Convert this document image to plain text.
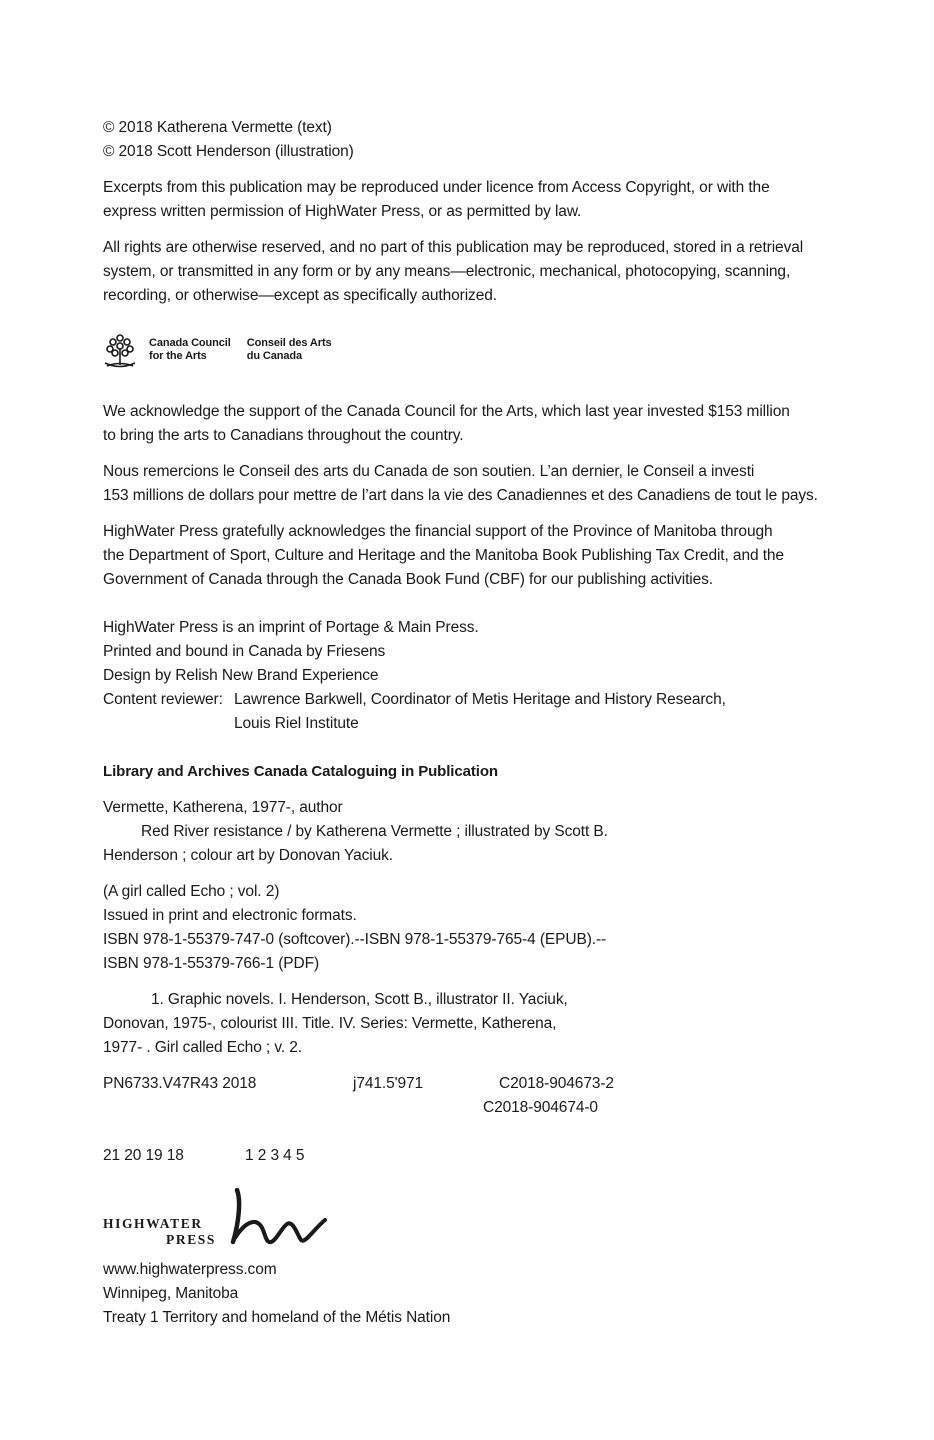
© 2018 Katherena Vermette (text)
© 2018 Scott Henderson (illustration)
Excerpts from this publication may be reproduced under licence from Access Copyright, or with the
express written permission of HighWater Press, or as permitted by law.
All rights are otherwise reserved, and no part of this publication may be reproduced, stored in a retrieval
system, or transmitted in any form or by any means—electronic, mechanical, photocopying, scanning,
recording, or otherwise—except as specifically authorized.
Canada Council
for the Arts
Conseil des Arts
du Canada
We acknowledge the support of the Canada Council for the Arts, which last year invested $153 million
to bring the arts to Canadians throughout the country.
Nous remercions le Conseil des arts du Canada de son soutien. L’an dernier, le Conseil a investi
153 millions de dollars pour mettre de l’art dans la vie des Canadiennes et des Canadiens de tout le pays.
HighWater Press gratefully acknowledges the financial support of the Province of Manitoba through
the Department of Sport, Culture and Heritage and the Manitoba Book Publishing Tax Credit, and the
Government of Canada through the Canada Book Fund (CBF) for our publishing activities.
HighWater Press is an imprint of Portage & Main Press.
Printed and bound in Canada by Friesens
Design by Relish New Brand Experience
Content reviewer: Lawrence Barkwell, Coordinator of Metis Heritage and History Research,
Louis Riel Institute
Library and Archives Canada Cataloguing in Publication
Vermette, Katherena, 1977-, author
Red River resistance / by Katherena Vermette ; illustrated by Scott B.
Henderson ; colour art by Donovan Yaciuk.
(A girl called Echo ; vol. 2)
Issued in print and electronic formats.
ISBN 978-1-55379-747-0 (softcover).--ISBN 978-1-55379-765-4 (EPUB).--
ISBN 978-1-55379-766-1 (PDF)
1. Graphic novels. I. Henderson, Scott B., illustrator II. Yaciuk,
Donovan, 1975-, colourist III. Title. IV. Series: Vermette, Katherena,
1977- . Girl called Echo ; v. 2.
PN6733.V47R43 2018	j741.5'971	C2018-904673-2
C2018-904674-0
21 20 19 18	1 2 3 4 5
HIGHWATER
PRESS
www.highwaterpress.com
Winnipeg, Manitoba
Treaty 1 Territory and homeland of the Métis Nation
